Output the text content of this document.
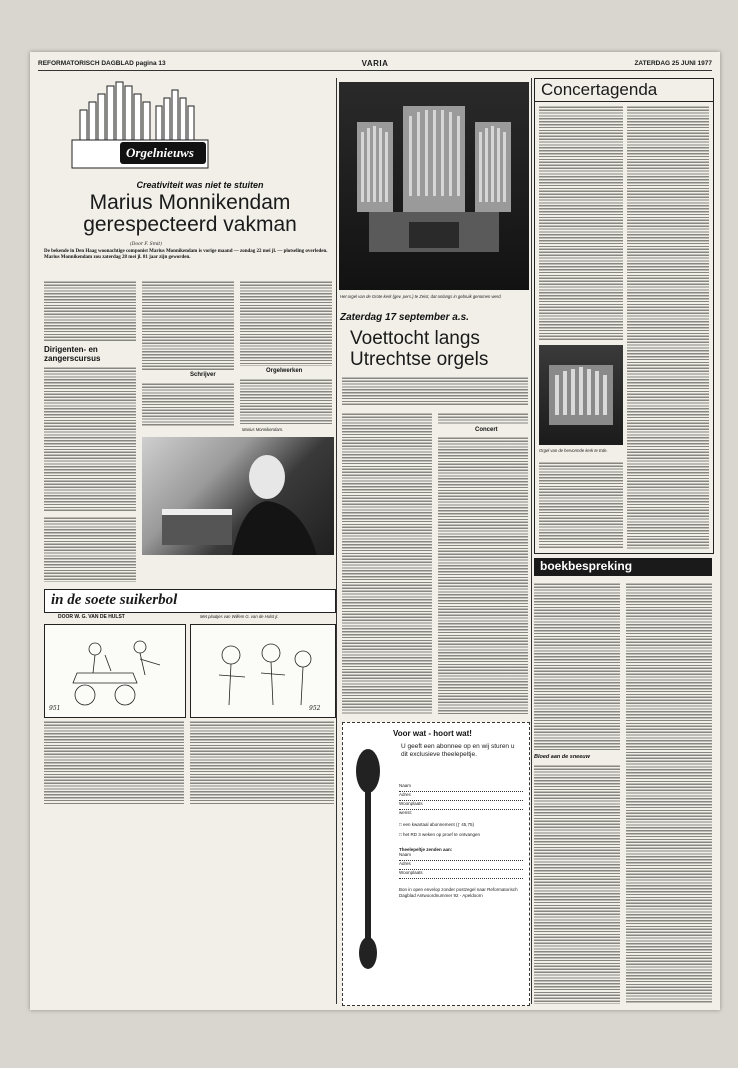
REFORMATORISCH DAGBLAD pagina 13	VARIA	ZATERDAG 25 JUNI 1977
Orgelnieuws
Creativiteit was niet te stuiten
Marius Monnikendam
gerespecteerd vakman
(Door F. Smit)
De bekende in Den Haag woonachtige componist Marius Monnikendam is vorige maand — zondag 22 mei jl. — plotseling overleden. Marius Monnikendam zou zaterdag 28 mei jl. 81 jaar zijn geworden.
Dirigenten- en zangerscursus
Schrijver
Orgelwerken
Marius Monnikendam.
in de soete suikerbol
DOOR W. G. VAN DE HULST	Met plaatjes van Willem G. van de Hulst jr.
951	952
Het orgel van de Grote kerk (gev. pers.) te Zeist, dat onlangs in gebruik genomen werd.
Zaterdag 17 september a.s.
Voettocht langs
Utrechtse orgels
Concert
Voor wat - hoort wat!
U geeft een abonnee op en wij sturen u dit exclusieve theelepeltje.
Naam
Adres
Woonplaats
wenst:
□ een kwartaal abonnement (ƒ 45,75)
□ het RD 3 weken op proef te ontvangen
Theelepeltje zenden aan:
Naam
Adres
Woonplaats
Bon in open envelop zonder postzegel naar Reformatorisch Dagblad Antwoordnummer 92 - Apeldoorn
Concertagenda
Orgel van de hervormde kerk te Ede.
boekbespreking
Bloed aan de sneeuw
